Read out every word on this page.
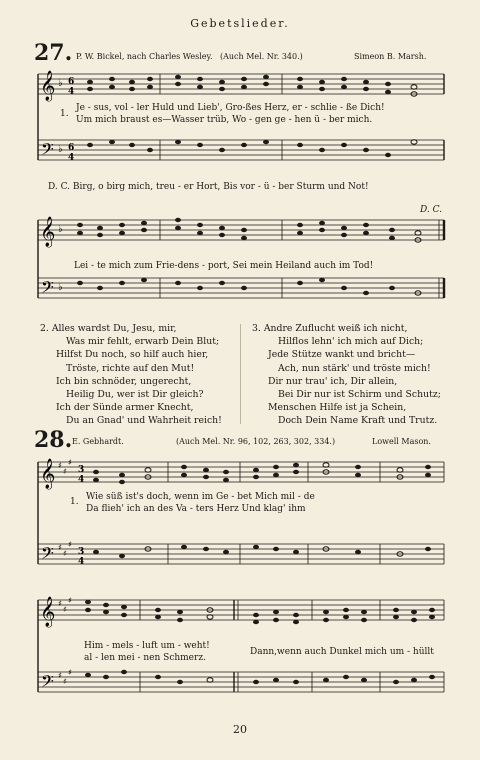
Gebetslieder.
27. P. W. Bickel, nach Charles Wesley. (Auch Mel. Nr. 340.)	Simeon B. Marsh.
𝄞
𝄢
♭
♭
6
4
6
4
1.
Je - sus, vol - ler Huld und Lieb', Gro-ßes Herz, er - schlie - ße Dich!
Um mich braust es—Wasser trüb, Wo - gen ge - hen ü - ber mich.
D. C. Birg, o birg mich, treu - er Hort, Bis vor - ü - ber Sturm und Not!
D. C.
𝄞
𝄢
♭
♭
Lei - te mich zum Frie-dens - port, Sei mein Heiland auch im Tod!
2. Alles wardst Du, Jesu, mir,
Was mir fehlt, erwarb Dein Blut;
Hilfst Du noch, so hilf auch hier,
Tröste, richte auf den Mut!
Ich bin schnöder, ungerecht,
Heilig Du, wer ist Dir gleich?
Ich der Sünde armer Knecht,
Du an Gnad' und Wahrheit reich!
3. Andre Zuflucht weiß ich nicht,
Hilflos lehn' ich mich auf Dich;
Jede Stütze wankt und bricht—
Ach, nun stärk' und tröste mich!
Dir nur trau' ich, Dir allein,
Bei Dir nur ist Schirm und Schutz;
Menschen Hilfe ist ja Schein,
Doch Dein Name Kraft und Trutz.
28. E. Gebhardt.	(Auch Mel. Nr. 96, 102, 263, 302, 334.)	Lowell Mason.
𝄞
𝄢
♯
♯
♯
♯
♯
♯
3
4
3
4
1. Wie süß ist's doch, wenn im Ge - bet Mich mil - de
Da flieh' ich an des Va - ters Herz Und klag' ihm
𝄞
𝄢
♯
♯
♯
♯
♯
♯
Him - mels - luft um - weht!
al - len mei - nen Schmerz.
Dann,wenn auch Dunkel mich um - hüllt
20
